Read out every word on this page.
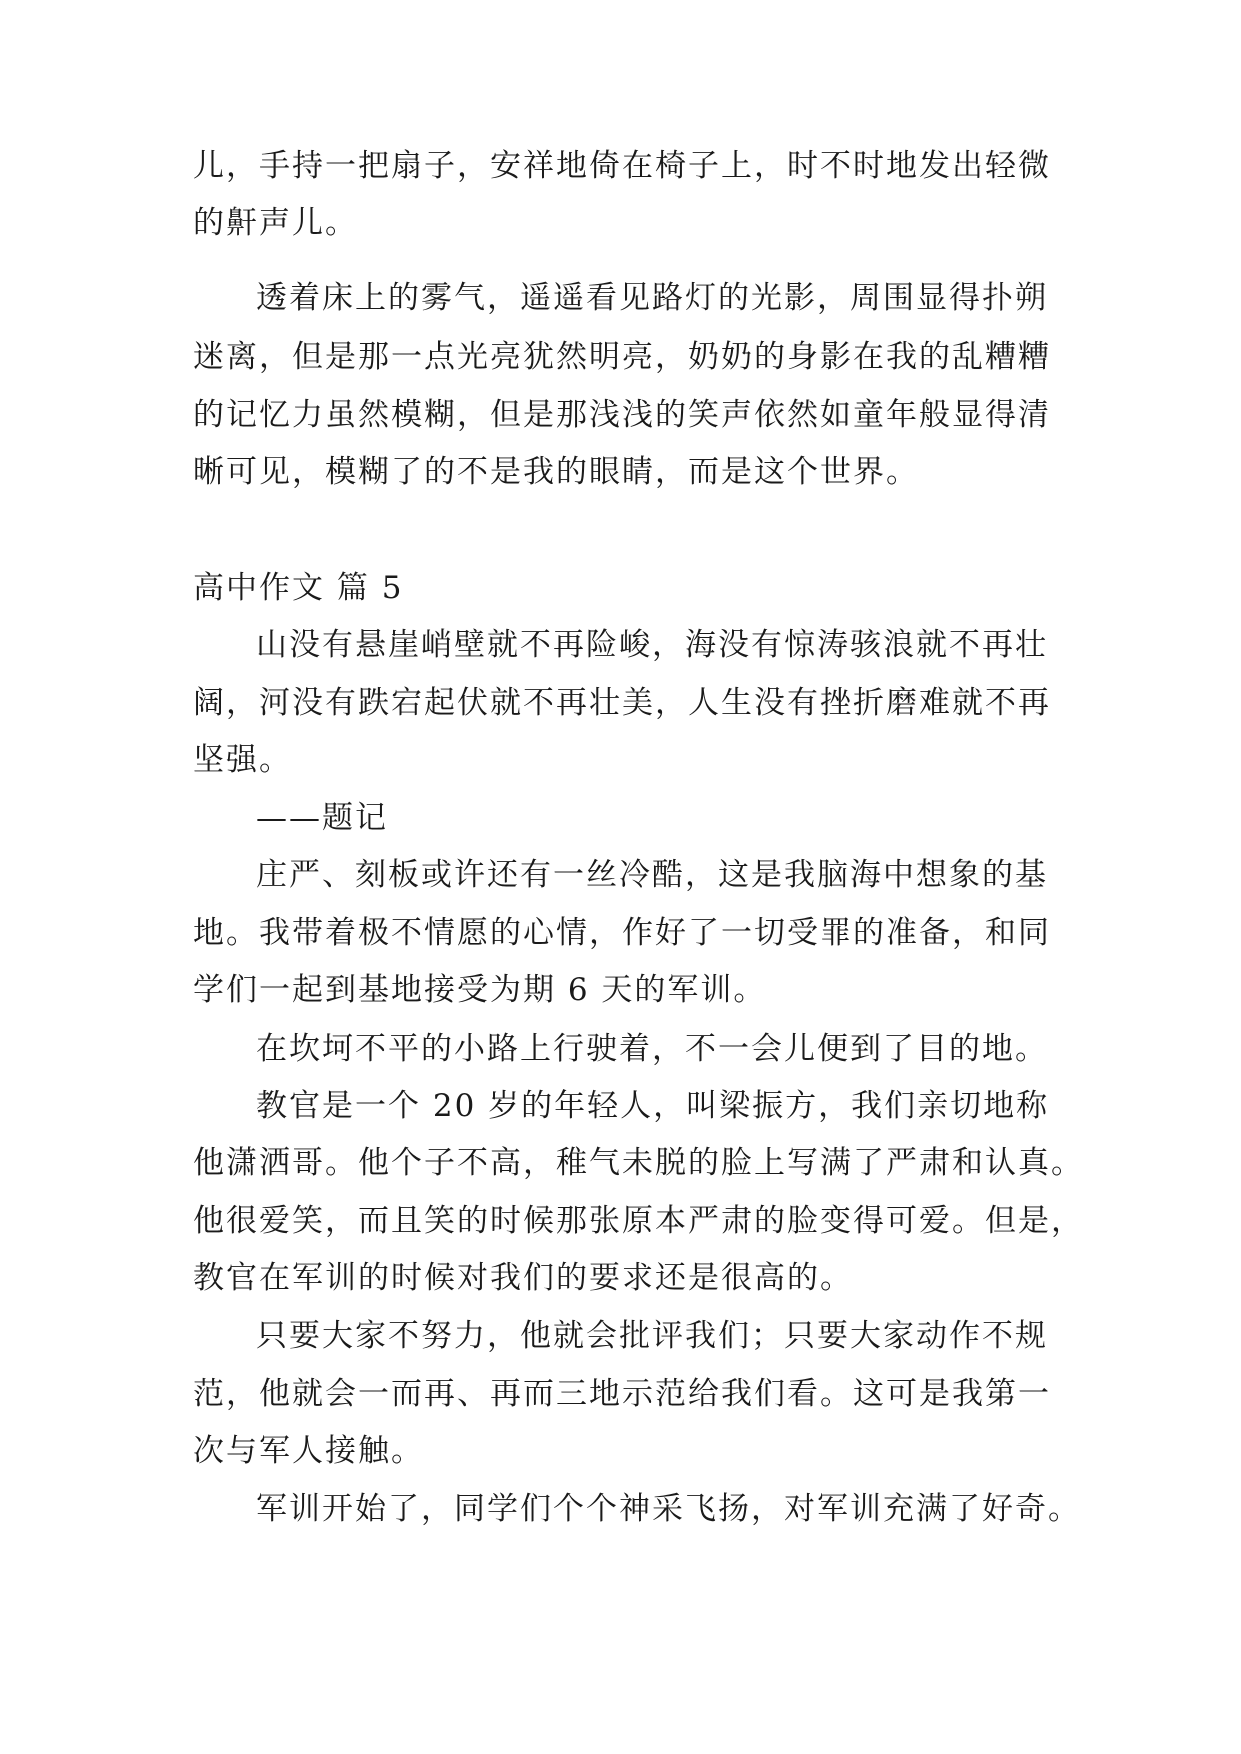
儿，手持一把扇子，安祥地倚在椅子上，时不时地发出轻微
的鼾声儿。
透着床上的雾气，遥遥看见路灯的光影，周围显得扑朔
迷离，但是那一点光亮犹然明亮，奶奶的身影在我的乱糟糟
的记忆力虽然模糊，但是那浅浅的笑声依然如童年般显得清
晰可见，模糊了的不是我的眼睛，而是这个世界。
高中作文 篇 5
山没有悬崖峭壁就不再险峻，海没有惊涛骇浪就不再壮
阔，河没有跌宕起伏就不再壮美，人生没有挫折磨难就不再
坚强。
——题记
庄严、刻板或许还有一丝冷酷，这是我脑海中想象的基
地。我带着极不情愿的心情，作好了一切受罪的准备，和同
学们一起到基地接受为期 6 天的军训。
在坎坷不平的小路上行驶着，不一会儿便到了目的地。
教官是一个 20 岁的年轻人，叫梁振方，我们亲切地称
他潇洒哥。他个子不高，稚气未脱的脸上写满了严肃和认真。
他很爱笑，而且笑的时候那张原本严肃的脸变得可爱。但是，
教官在军训的时候对我们的要求还是很高的。
只要大家不努力，他就会批评我们；只要大家动作不规
范，他就会一而再、再而三地示范给我们看。这可是我第一
次与军人接触。
军训开始了，同学们个个神采飞扬，对军训充满了好奇。
